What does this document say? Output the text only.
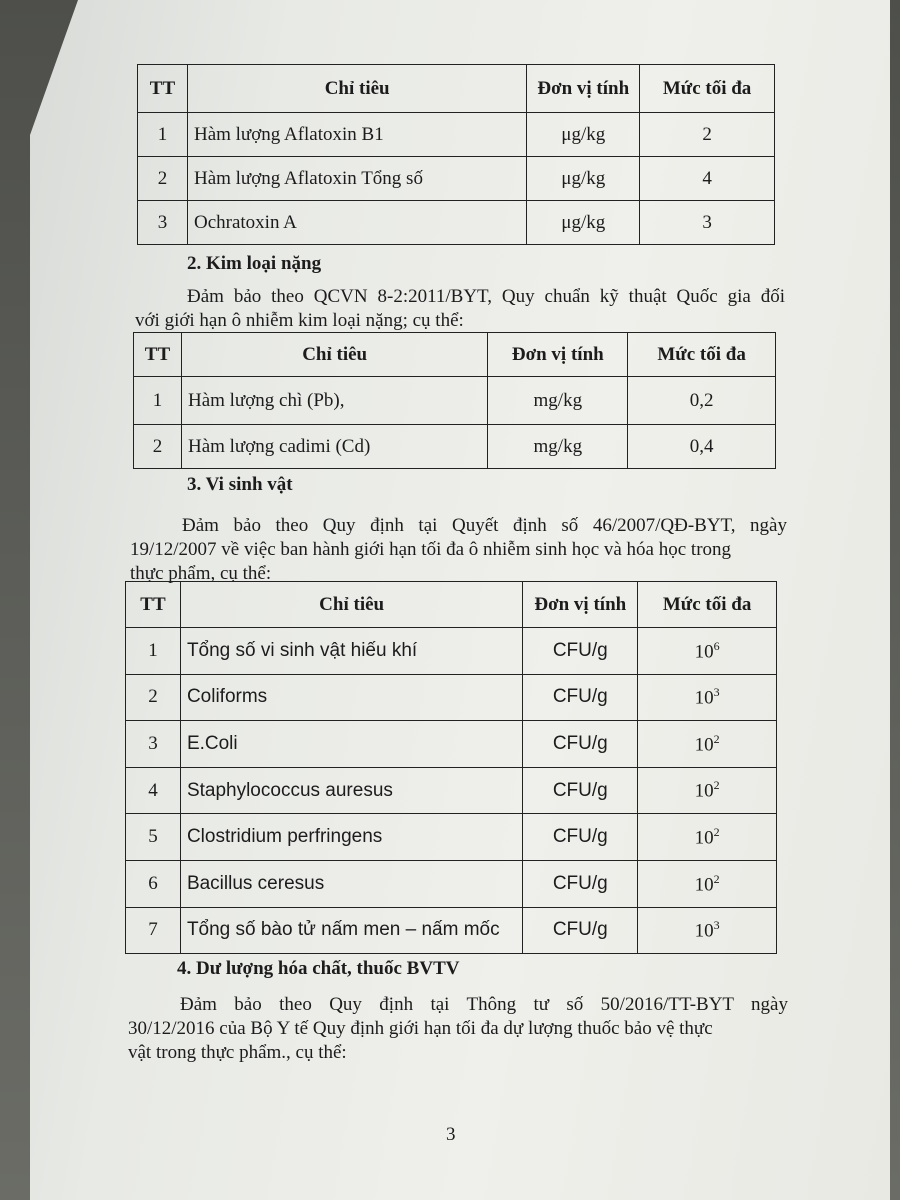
TT	Chỉ tiêu	Đơn vị tính	Mức tối đa
1	Hàm lượng Aflatoxin B1	μg/kg	2
2	Hàm lượng Aflatoxin Tổng số	μg/kg	4
3	Ochratoxin A	μg/kg	3
2. Kim loại nặng
Đảm bảo theo QCVN 8-2:2011/BYT, Quy chuẩn kỹ thuật Quốc gia đối
với giới hạn ô nhiễm kim loại nặng; cụ thể:
TT	Chỉ tiêu	Đơn vị tính	Mức tối đa
1	Hàm lượng chì (Pb),	mg/kg	0,2
2	Hàm lượng cadimi (Cd)	mg/kg	0,4
3. Vi sinh vật
Đảm bảo theo Quy định tại Quyết định số 46/2007/QĐ-BYT, ngày
19/12/2007 về việc ban hành giới hạn tối đa ô nhiễm sinh học và hóa học trong
thực phẩm, cụ thể:
TT	Chỉ tiêu	Đơn vị tính	Mức tối đa
1	Tổng số vi sinh vật hiếu khí	CFU/g	$10^6$
2	Coliforms	CFU/g	$10^3$
3	E.Coli	CFU/g	$10^2$
4	Staphylococcus auresus	CFU/g	$10^2$
5	Clostridium perfringens	CFU/g	$10^2$
6	Bacillus ceresus	CFU/g	$10^2$
7	Tổng số bào tử nấm men – nấm mốc	CFU/g	$10^3$
4. Dư lượng hóa chất, thuốc BVTV
Đảm bảo theo Quy định tại Thông tư số 50/2016/TT-BYT ngày
30/12/2016 của Bộ Y tế Quy định giới hạn tối đa dự lượng thuốc bảo vệ thực
vật trong thực phẩm., cụ thể:
3
